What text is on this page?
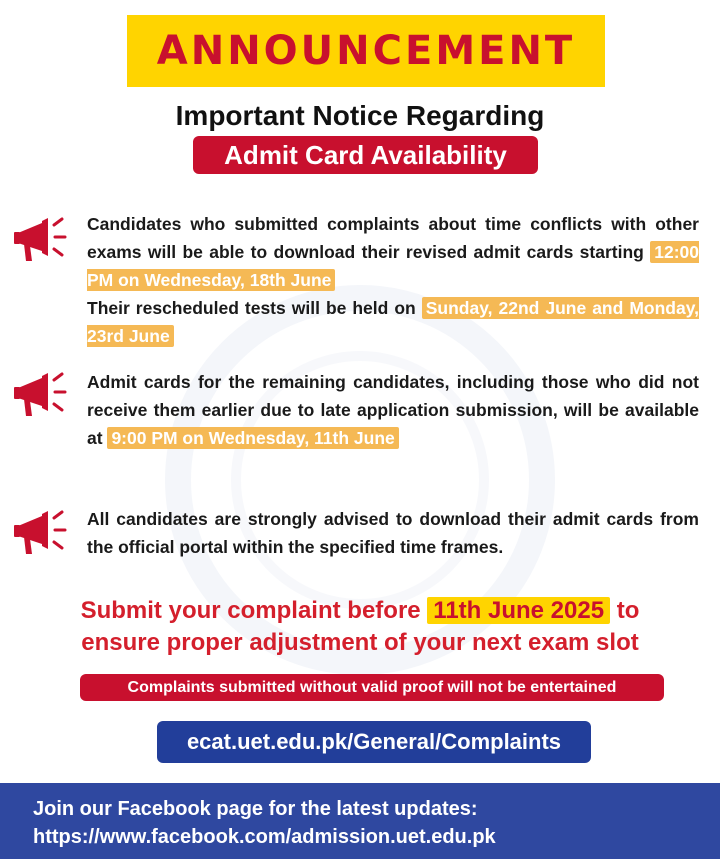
ANNOUNCEMENT
Important Notice Regarding
Admit Card Availability
Candidates who submitted complaints about time conflicts with other exams will be able to download their revised admit cards starting 12:00 PM on Wednesday, 18th June
Their rescheduled tests will be held on Sunday, 22nd June and Monday, 23rd June
Admit cards for the remaining candidates, including those who did not receive them earlier due to late application submission, will be available at 9:00 PM on Wednesday, 11th June
All candidates are strongly advised to download their admit cards from the official portal within the specified time frames.
Submit your complaint before 11th June 2025 to
ensure proper adjustment of your next exam slot
Complaints submitted without valid proof will not be entertained
ecat.uet.edu.pk/General/Complaints
Join our Facebook page for the latest updates:
https://www.facebook.com/admission.uet.edu.pk
